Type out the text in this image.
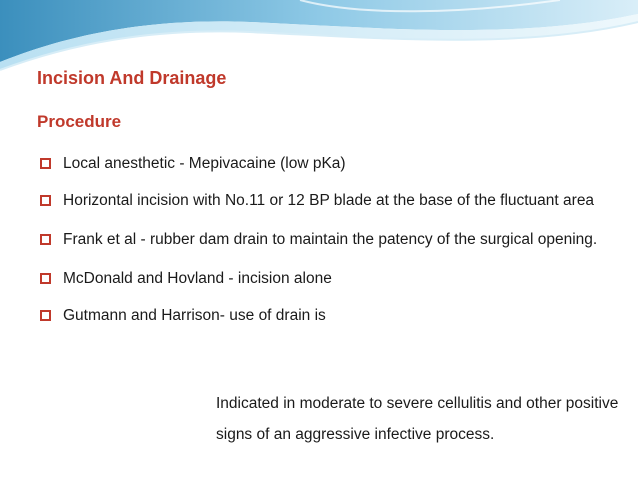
Incision And Drainage
Procedure
Local anesthetic - Mepivacaine (low pKa)
Horizontal incision with No.11 or 12 BP blade at the base of the fluctuant area
Frank et al - rubber dam drain to maintain the patency of the surgical opening.
McDonald and Hovland - incision alone
Gutmann and Harrison- use of drain is
Indicated in moderate to severe cellulitis and other positive signs of an aggressive infective process.
